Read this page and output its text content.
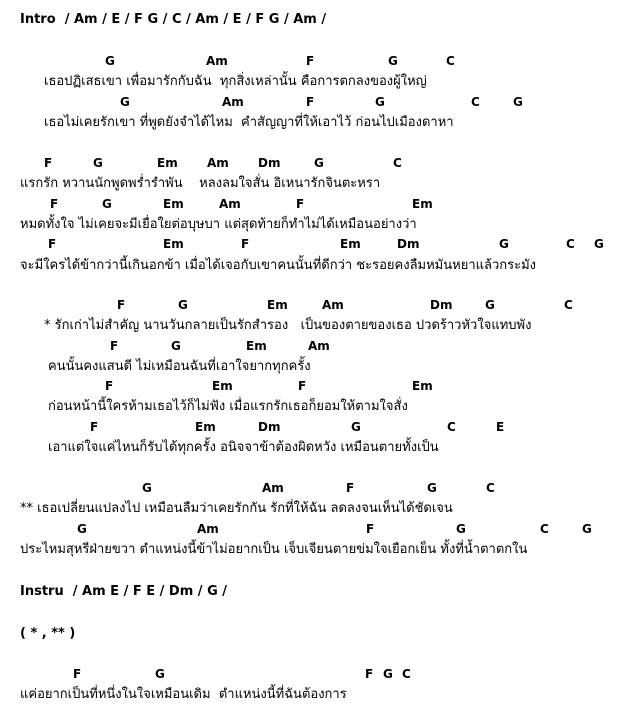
Intro  / Am / E / F G / C / Am / E / F G / Am /
G	Am	F	G	C
เธอปฏิเสธเขา เพื่อมารักกับฉัน  ทุกสิ่งเหล่านั้น คือการตกลงของผู้ใหญ่
G	Am	F	G	C	G
เธอไม่เคยรักเขา ที่พูดยังจำได้ไหม  คำสัญญาที่ให้เอาไว้ ก่อนไปเมืองดาหา
F	G	Em Am Dm	G	C
แรกรัก หวานนักพูดพร่ำรำพัน    หลงลมใจสั่น อิเหนารักจินตะหรา
F	G	Em	Am	F	Em
หมดทั้งใจ ไม่เคยจะมีเยื่อใยต่อบุษบา แต่สุดท้ายก็ทำไม่ได้เหมือนอย่างว่า
F	Em	F	Em	Dm	G	C G
จะมีใครได้ข้ากว่านี้เกินอกข้า เมื่อได้เจอกับเขาคนนั้นที่ดีกว่า ชะรอยคงลืมหมันหยาแล้วกระมัง
F	G	Em	Am	Dm	G	C
* รักเก่าไม่สำคัญ นานวันกลายเป็นรักสำรอง   เป็นของตายของเธอ ปวดร้าวหัวใจแทบพัง
F	G	Em	Am
คนนั้นคงแสนดี ไม่เหมือนฉันที่เอาใจยากทุกครั้ง
F	Em	F	Em
ก่อนหน้านี้ใครห้ามเธอไว้ก็ไม่ฟัง เมื่อแรกรักเธอก็ยอมให้ตามใจสั่ง
F	Em	Dm	G	C	E
เอาแต่ใจแค่ไหนก็รับได้ทุกครั้ง อนิจจาข้าต้องผิดหวัง เหมือนตายทั้งเป็น
G	Am	F	G	C
** เธอเปลี่ยนแปลงไป เหมือนลืมว่าเคยรักกัน รักที่ให้ฉัน ลดลงจนเห็นได้ชัดเจน
G	Am	F	G	C	G
ประไหมสุหรีฝ่ายขวา ตำแหน่งนี้ข้าไม่อยากเป็น เจ็บเจียนตายข่มใจเยือกเย็น ทั้งที่น้ำตาตกใน
Instru  / Am E / F E / Dm / G /
( * , ** )
F	G	F G C
แค่อยากเป็นที่หนึ่งในใจเหมือนเดิม  ตำแหน่งนี้ที่ฉันต้องการ
